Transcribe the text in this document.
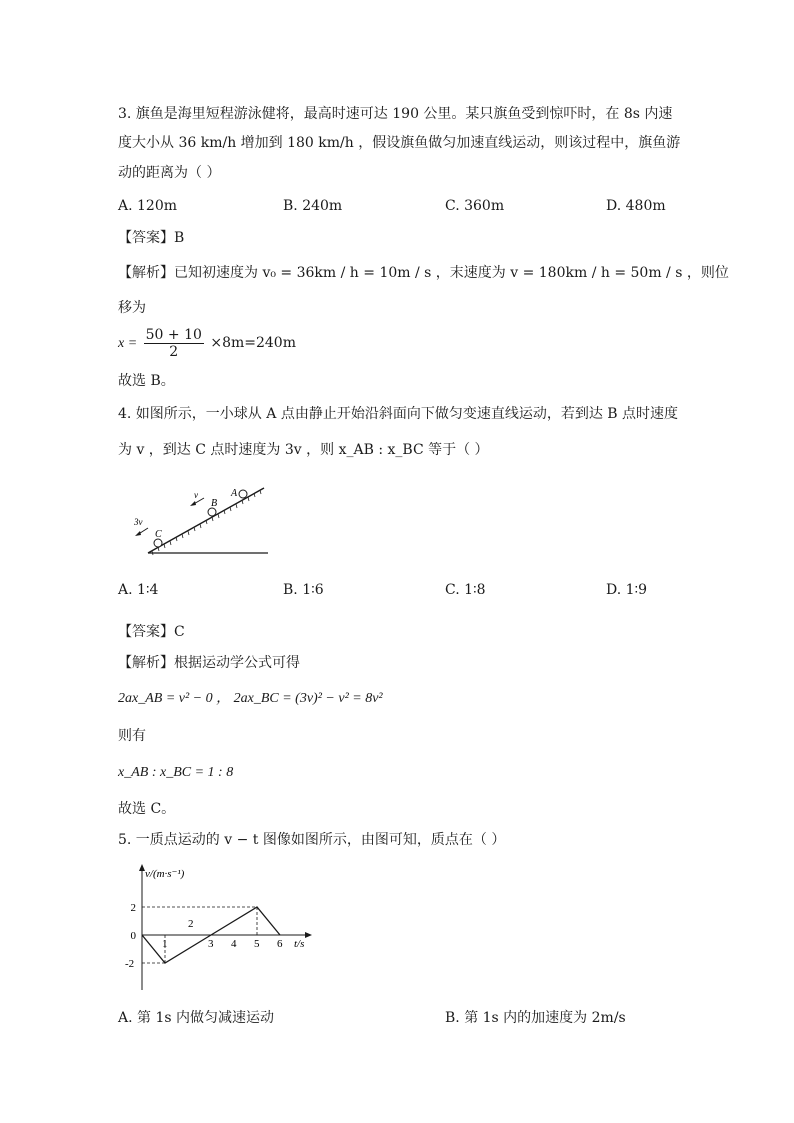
3. 旗鱼是海里短程游泳健将，最高时速可达 190 公里。某只旗鱼受到惊吓时，在 8s 内速
度大小从 36 km/h 增加到 180 km/h ，假设旗鱼做匀加速直线运动，则该过程中，旗鱼游
动的距离为（ ）
A. 120m	B. 240m	C. 360m	D. 480m
【答案】B
【解析】已知初速度为 v₀ = 36km / h = 10m / s ，末速度为 v = 180km / h = 50m / s ，则位
移为
$x = \frac{50 + 10}{2} \times 8m=240m$
故选 B。
4. 如图所示，一小球从 A 点由静止开始沿斜面向下做匀变速直线运动，若到达 B 点时速度
为 v ，到达 C 点时速度为 3v ，则 x_AB : x_BC 等于（ ）
A
B
C
v
3v
A. 1∶4	B. 1∶6	C. 1∶8	D. 1∶9
【答案】C
【解析】根据运动学公式可得
2ax_AB = v² − 0 ， 2ax_BC = (3v)² − v² = 8v²
则有
x_AB : x_BC = 1 : 8
故选 C。
5. 一质点运动的 v − t 图像如图所示，由图可知，质点在（ ）
v/(m·s⁻¹)
t/s
2
1	3 4 5 6
2
0
-2
A. 第 1s 内做匀减速运动	B. 第 1s 内的加速度为 2m/s
